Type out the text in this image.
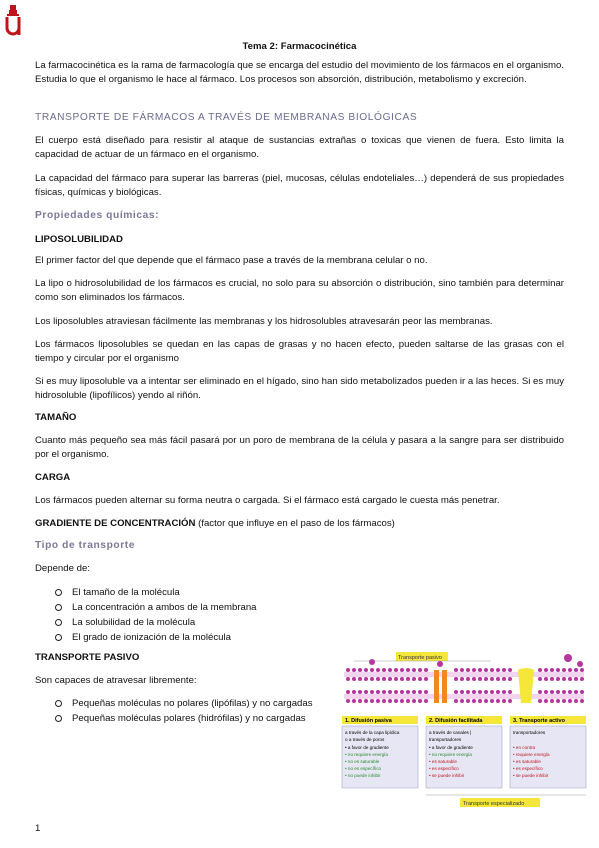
Tema 2: Farmacocinética

La farmacocinética es la rama de farmacología que se encarga del estudio del movimiento de los fármacos en el organismo. Estudia lo que el organismo le hace al fármaco. Los procesos son absorción, distribución, metabolismo y excreción.

TRANSPORTE DE FÁRMACOS A TRAVÉS DE MEMBRANAS BIOLÓGICAS

El cuerpo está diseñado para resistir al ataque de sustancias extrañas o toxicas que vienen de fuera. Esto limita la capacidad de actuar de un fármaco en el organismo.

La capacidad del fármaco para superar las barreras (piel, mucosas, células endoteliales…) dependerá de sus propiedades físicas, químicas y biológicas.

Propiedades químicas:

LIPOSOLUBILIDAD

El primer factor del que depende que el fármaco pase a través de la membrana celular o no.

La lipo o hidrosolubilidad de los fármacos es crucial, no solo para su absorción o distribución, sino también para determinar como son eliminados los fármacos.

Los liposolubles atraviesan fácilmente las membranas y los hidrosolubles atravesarán peor las membranas.

Los fármacos liposolubles se quedan en las capas de grasas y no hacen efecto, pueden saltarse de las grasas con el tiempo y circular por el organismo

Si es muy liposoluble va a intentar ser eliminado en el hígado, sino han sido metabolizados pueden ir a las heces. Si es muy hidrosoluble (lipofílicos) yendo al riñón.

TAMAÑO

Cuanto más pequeño sea más fácil pasará por un poro de membrana de la célula y pasara a la sangre para ser distribuido por el organismo.

CARGA

Los fármacos pueden alternar su forma neutra o cargada. Si el fármaco está cargado le cuesta más penetrar.

GRADIENTE DE CONCENTRACIÓN (factor que influye en el paso de los fármacos)

Tipo de transporte

Depende de:

El tamaño de la molécula
La concentración a ambos de la membrana
La solubilidad de la molécula
El grado de ionización de la molécula

TRANSPORTE PASIVO

Son capaces de atravesar libremente:

Pequeñas moléculas no polares (lipófilas) y no cargadas
Pequeñas moléculas polares (hidrófilas) y no cargadas
Transporte pasivo
1. Difusión pasiva
a través de la capa lipídica
o a través de poros
• a favor de gradiente
• no requiere energía
• no es saturable
• no es específico
• no puede inhibir
2. Difusión facilitada
a través de canales |
transportadores
• a favor de gradiente
• no requiere energía
• es saturable
• es específico
• se puede inhibir
3. Transporte activo
transportadores
• en contra
• requiere energía
• es saturable
• es específico
• se puede inhibir
Transporte especializado
1
